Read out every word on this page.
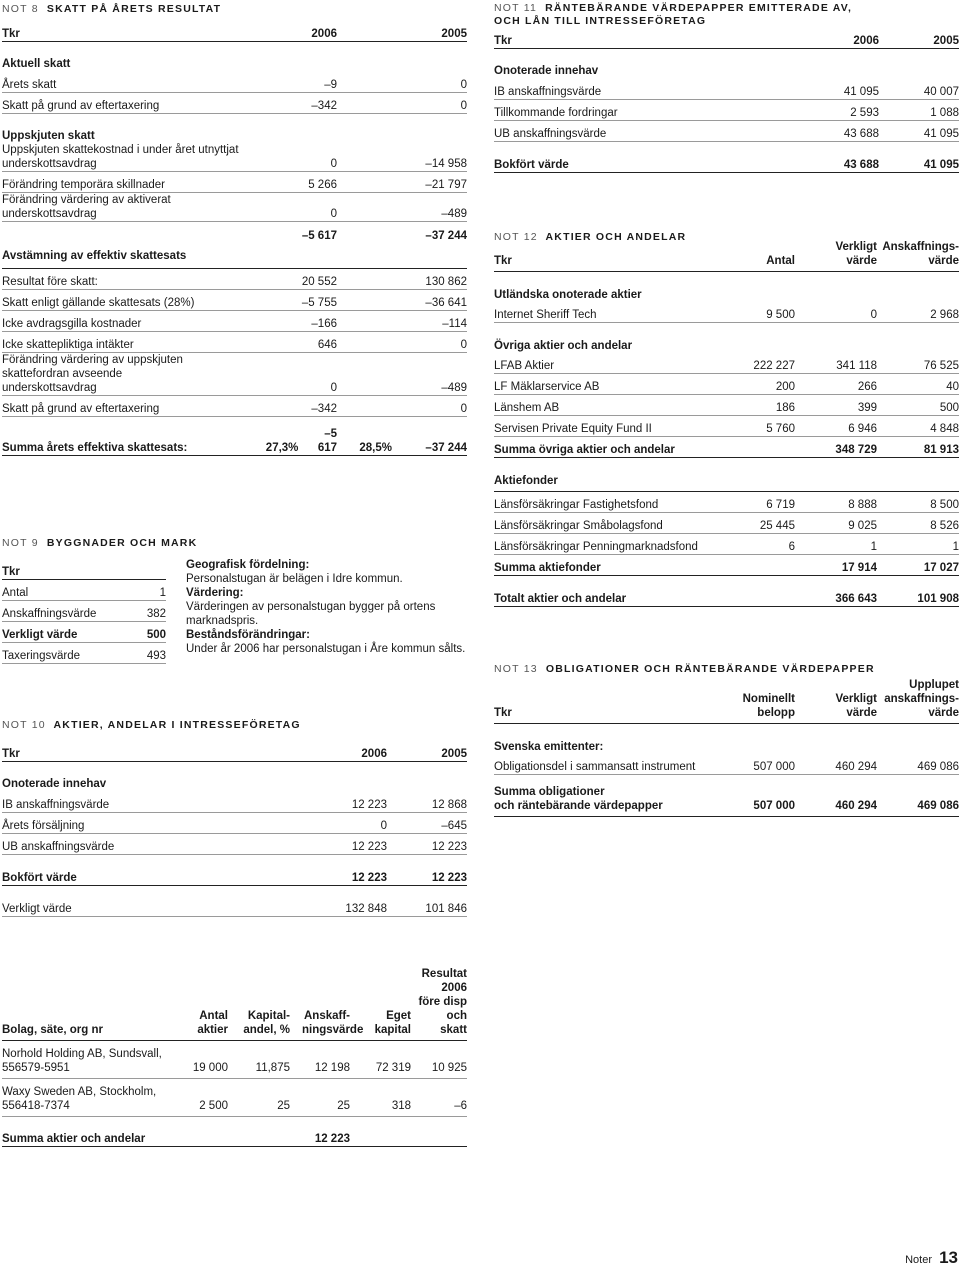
NOT 8 SKATT PÅ ÅRETS RESULTAT
Tkr		2006		2005

Aktuell skatt				
Årets skatt		–9		0
Skatt på grund av eftertaxering		–342		0

Uppskjuten skatt				
Uppskjuten skattekostnad i under året utnyttjat underskottsavdrag		0		–14 958
Förändring temporära skillnader		5 266		–21 797
Förändring värdering av aktiverat underskottsavdrag		0		–489
		–5 617		–37 244
Avstämning av effektiv skattesats				

Resultat före skatt:		20 552		130 862
Skatt enligt gällande skattesats (28%)		–5 755		–36 641
Icke avdragsgilla kostnader		–166		–114
Icke skattepliktiga intäkter		646		0
Förändring värdering av uppskjuten skattefordran avseende underskottsavdrag		0		–489
Skatt på grund av eftertaxering		–342		0

Summa årets effektiva skattesats:	27,3% –5 617		28,5%	–37 244
NOT 9 BYGGNADER OCH MARK
Tkr	
Antal	1
Anskaffningsvärde	382
Verkligt värde	500
Taxeringsvärde	493

Geografisk fördelning:

Personalstugan är belägen i Idre kommun.

Värdering:

Värderingen av personalstugan bygger på ortens marknadspris.

Beståndsförändringar:

Under år 2006 har personalstugan i Åre kommun sålts.

NOT 10 AKTIER, ANDELAR I INTRESSEFÖRETAG
Tkr	2006	2005

Onoterade innehav		
IB anskaffningsvärde	12 223	12 868
Årets försäljning	0	–645
UB anskaffningsvärde	12 223	12 223

Bokfört värde	12 223	12 223

Verkligt värde	132 848	101 846
Bolag, säte, org nr	Antal aktier	Kapital-andel, %	Anskaff-ningsvärde	Eget kapital	Resultat 2006 före disp och skatt

Norhold Holding AB, Sundsvall,
556579-5951	19 000	11,875	12 198	72 319	10 925

Waxy Sweden AB, Stockholm,
556418-7374	2 500	25	25	318	–6

Summa aktier och andelar			12 223		
NOT 11 RÄNTEBÄRANDE VÄRDEPAPPER EMITTERADE AV,
OCH LÅN TILL INTRESSEFÖRETAG
Tkr	2006	2005

Onoterade innehav		
IB anskaffningsvärde	41 095	40 007
Tillkommande fordringar	2 593	1 088
UB anskaffningsvärde	43 688	41 095

Bokfört värde	43 688	41 095
NOT 12 AKTIER OCH ANDELAR
Tkr	Antal	Verkligt värde	Anskaffnings-värde

Utländska onoterade aktier			
Internet Sheriff Tech	9 500	0	2 968

Övriga aktier och andelar			
LFAB Aktier	222 227	341 118	76 525
LF Mäklarservice AB	200	266	40
Länshem AB	186	399	500
Servisen Private Equity Fund II	5 760	6 946	4 848
Summa övriga aktier och andelar		348 729	81 913

Aktiefonder			

Länsförsäkringar Fastighetsfond	6 719	8 888	8 500
Länsförsäkringar Småbolagsfond	25 445	9 025	8 526
Länsförsäkringar Penningmarknadsfond	6	1	1
Summa aktiefonder		17 914	17 027

Totalt aktier och andelar		366 643	101 908
NOT 13 OBLIGATIONER OCH RÄNTEBÄRANDE VÄRDEPAPPER
Tkr	Nominellt belopp	Verkligt värde	Upplupet anskaffnings-värde

Svenska emittenter:			
Obligationsdel i sammansatt instrument	507 000	460 294	469 086

Summa obligationer
och räntebärande värdepapper	507 000	460 294	469 086
Noter 13
